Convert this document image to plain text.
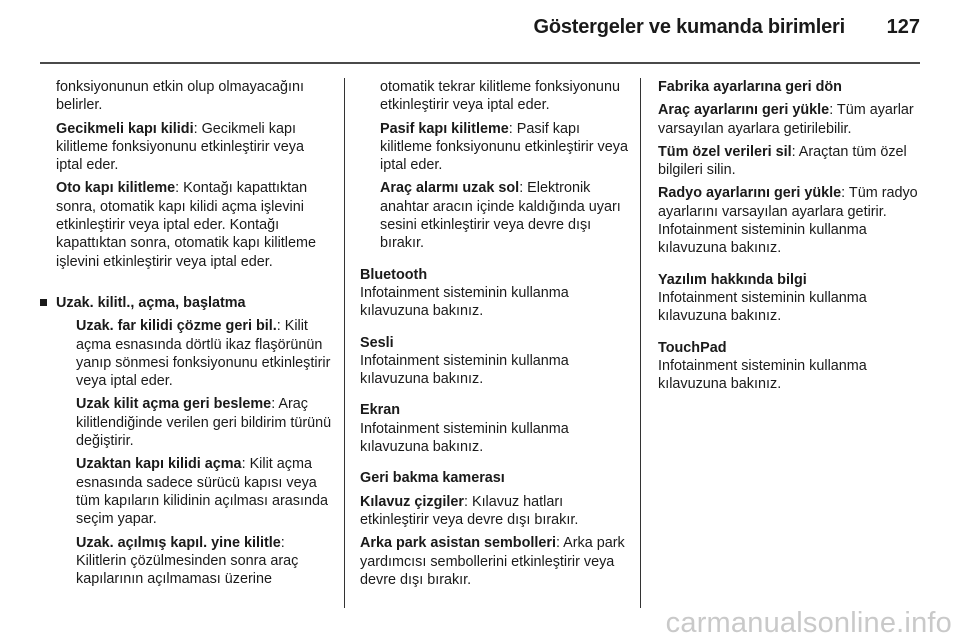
Göstergeler ve kumanda birimleri 127

fonksiyonunun etkin olup olmayacağını belirler.

Gecikmeli kapı kilidi: Gecikmeli kapı kilitleme fonksiyonunu etkinleştirir veya iptal eder.

Oto kapı kilitleme: Kontağı kapattıktan sonra, otomatik kapı kilidi açma işlevini etkinleştirir veya iptal eder. Kontağı kapattıktan sonra, otomatik kapı kilitleme işlevini etkinleştirir veya iptal eder.

Uzak. kilitl., açma, başlatma

Uzak. far kilidi çözme geri bil.: Kilit açma esnasında dörtlü ikaz flaşörünün yanıp sönmesi fonksiyonunu etkinleştirir veya iptal eder.

Uzak kilit açma geri besleme: Araç kilitlendiğinde verilen geri bildirim türünü değiştirir.

Uzaktan kapı kilidi açma: Kilit açma esnasında sadece sürücü kapısı veya tüm kapıların kilidinin açılması arasında seçim yapar.

Uzak. açılmış kapıl. yine kilitle: Kilitlerin çözülmesinden sonra araç kapılarının açılmaması üzerine

otomatik tekrar kilitleme fonksiyonunu etkinleştirir veya iptal eder.

Pasif kapı kilitleme: Pasif kapı kilitleme fonksiyonunu etkinleştirir veya iptal eder.

Araç alarmı uzak sol: Elektronik anahtar aracın içinde kaldığında uyarı sesini etkinleştirir veya devre dışı bırakır.

Bluetooth
Infotainment sisteminin kullanma kılavuzuna bakınız.
Sesli
Infotainment sisteminin kullanma kılavuzuna bakınız.
Ekran
Infotainment sisteminin kullanma kılavuzuna bakınız.

Geri bakma kamerası

Kılavuz çizgiler: Kılavuz hatları etkinleştirir veya devre dışı bırakır.

Arka park asistan sembolleri: Arka park yardımcısı sembollerini etkinleştirir veya devre dışı bırakır.

Fabrika ayarlarına geri dön

Araç ayarlarını geri yükle: Tüm ayarlar varsayılan ayarlara getirilebilir.

Tüm özel verileri sil: Araçtan tüm özel bilgileri silin.

Radyo ayarlarını geri yükle: Tüm radyo ayarlarını varsayılan ayarlara getirir. Infotainment sisteminin kullanma kılavuzuna bakınız.

Yazılım hakkında bilgi
Infotainment sisteminin kullanma kılavuzuna bakınız.
TouchPad
Infotainment sisteminin kullanma kılavuzuna bakınız.
carmanualsonline.info
